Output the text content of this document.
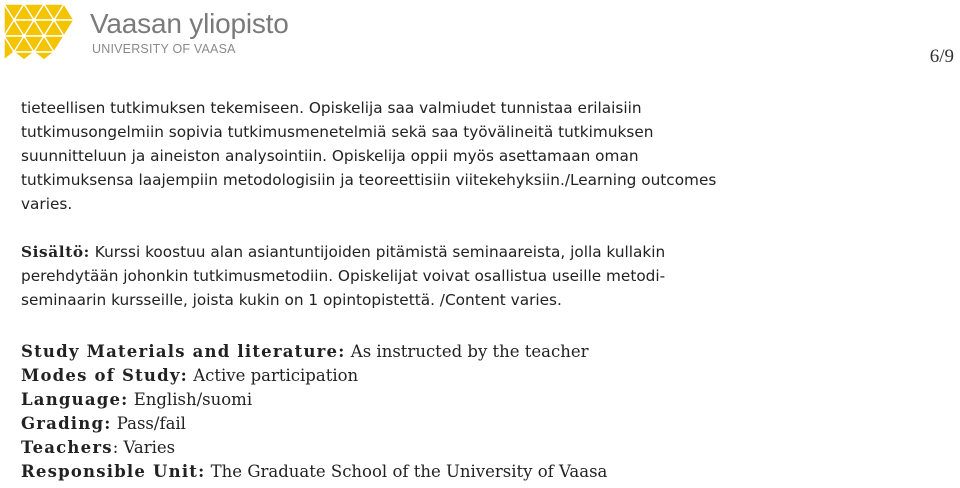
Vaasan yliopisto
UNIVERSITY OF VAASA	6/9

tieteellisen tutkimuksen tekemiseen. Opiskelija saa valmiudet tunnistaa erilaisiin
tutkimusongelmiin sopivia tutkimusmenetelmiä sekä saa työvälineitä tutkimuksen
suunnitteluun ja aineiston analysointiin. Opiskelija oppii myös asettamaan oman
tutkimuksensa laajempiin metodologisiin ja teoreettisiin viitekehyksiin./Learning outcomes
varies.

Sisältö: Kurssi koostuu alan asiantuntijoiden pitämistä seminaareista, jolla kullakin
perehdytään johonkin tutkimusmetodiin. Opiskelijat voivat osallistua useille metodi-
seminaarin kursseille, joista kukin on 1 opintopistettä. /Content varies.

Study Materials and literature: As instructed by the teacher
Modes of Study: Active participation
Language: English/suomi
Grading: Pass/fail
Teachers: Varies
Responsible Unit: The Graduate School of the University of Vaasa
